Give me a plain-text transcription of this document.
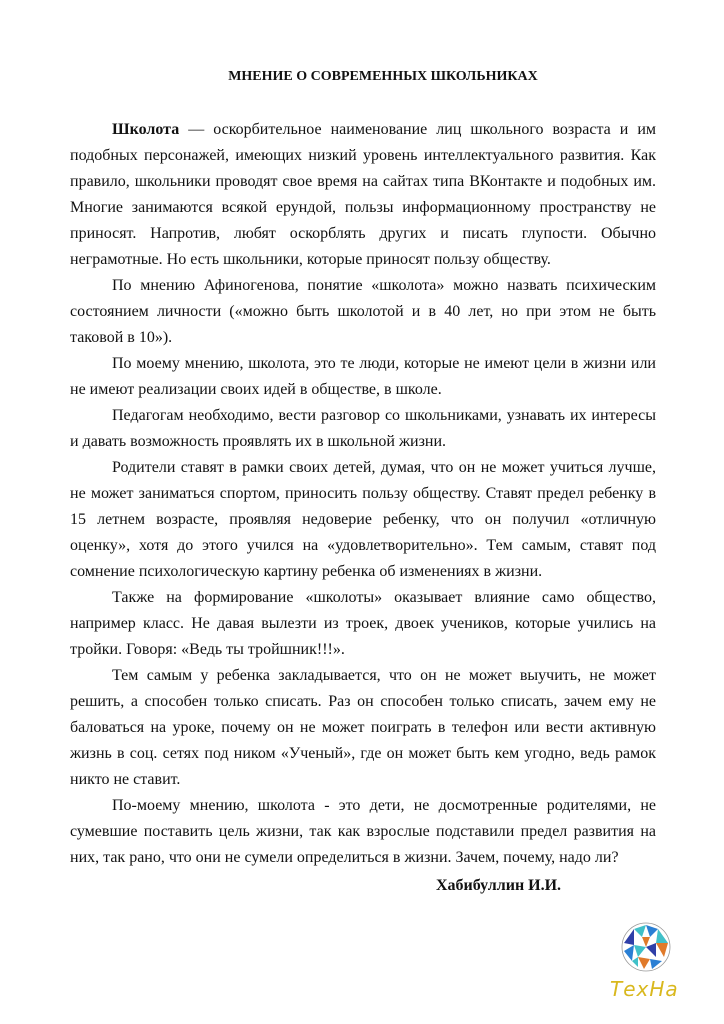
МНЕНИЕ О СОВРЕМЕННЫХ ШКОЛЬНИКАХ

Школота — оскорбительное наименование лиц школьного возраста и им подобных персонажей, имеющих низкий уровень интеллектуального развития. Как правило, школьники проводят свое время на сайтах типа ВКонтакте и подобных им. Многие занимаются всякой ерундой, пользы информационному пространству не приносят. Напротив, любят оскорблять других и писать глупости. Обычно неграмотные. Но есть школьники, которые приносят пользу обществу.

По мнению Афиногенова, понятие «школота» можно назвать психическим состоянием личности («можно быть школотой и в 40 лет, но при этом не быть таковой в 10»).

По моему мнению, школота, это те люди, которые не имеют цели в жизни или не имеют реализации своих идей в обществе, в школе.

Педагогам необходимо, вести разговор со школьниками, узнавать их интересы и давать возможность проявлять их в школьной жизни.

Родители ставят в рамки своих детей, думая, что он не может учиться лучше, не может заниматься спортом, приносить пользу обществу. Ставят предел ребенку в 15 летнем возрасте, проявляя недоверие ребенку, что он получил «отличную оценку», хотя до этого учился на «удовлетворительно». Тем самым, ставят под сомнение психологическую картину ребенка об изменениях в жизни.

Также на формирование «школоты» оказывает влияние само общество, например класс. Не давая вылезти из троек, двоек учеников, которые учились на тройки. Говоря: «Ведь ты тройшник!!!».

Тем самым у ребенка закладывается, что он не может выучить, не может решить, а способен только списать. Раз он способен только списать, зачем ему не баловаться на уроке, почему он не может поиграть в телефон или вести активную жизнь в соц. сетях под ником «Ученый», где он может быть кем угодно, ведь рамок никто не ставит.

По-моему мнению, школота - это дети, не досмотренные родителями, не сумевшие поставить цель жизни, так как взрослые подставили предел развития на них, так рано, что они не сумели определиться в жизни. Зачем, почему, надо ли?

Хабибуллин И.И.
ТехНа
